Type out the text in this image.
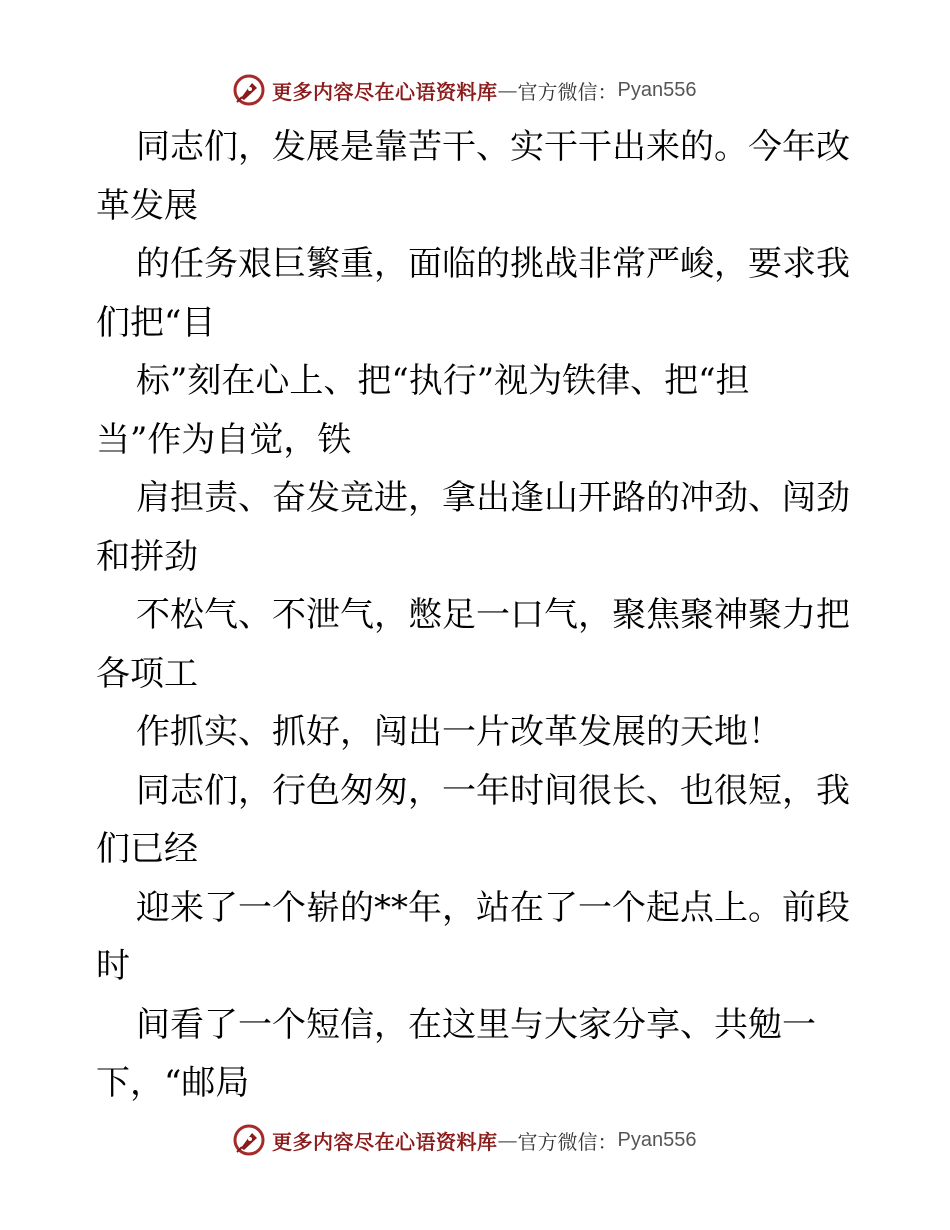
更多内容尽在心语资料库 — 官方微信： Pyan556
同志们，发展是靠苦干、实干干出来的。今年改
革发展
的任务艰巨繁重，面临的挑战非常严峻，要求我
们把“目
标”刻在心上、把“执行”视为铁律、把“担
当”作为自觉，铁
肩担责、奋发竞进，拿出逢山开路的冲劲、闯劲
和拼劲
不松气、不泄气，憋足一口气，聚焦聚神聚力把
各项工
作抓实、抓好，闯出一片改革发展的天地！
同志们，行色匆匆，一年时间很长、也很短，我
们已经
迎来了一个崭的**年，站在了一个起点上。前段
时
间看了一个短信，在这里与大家分享、共勉一
下，“邮局
更多内容尽在心语资料库 — 官方微信： Pyan556
